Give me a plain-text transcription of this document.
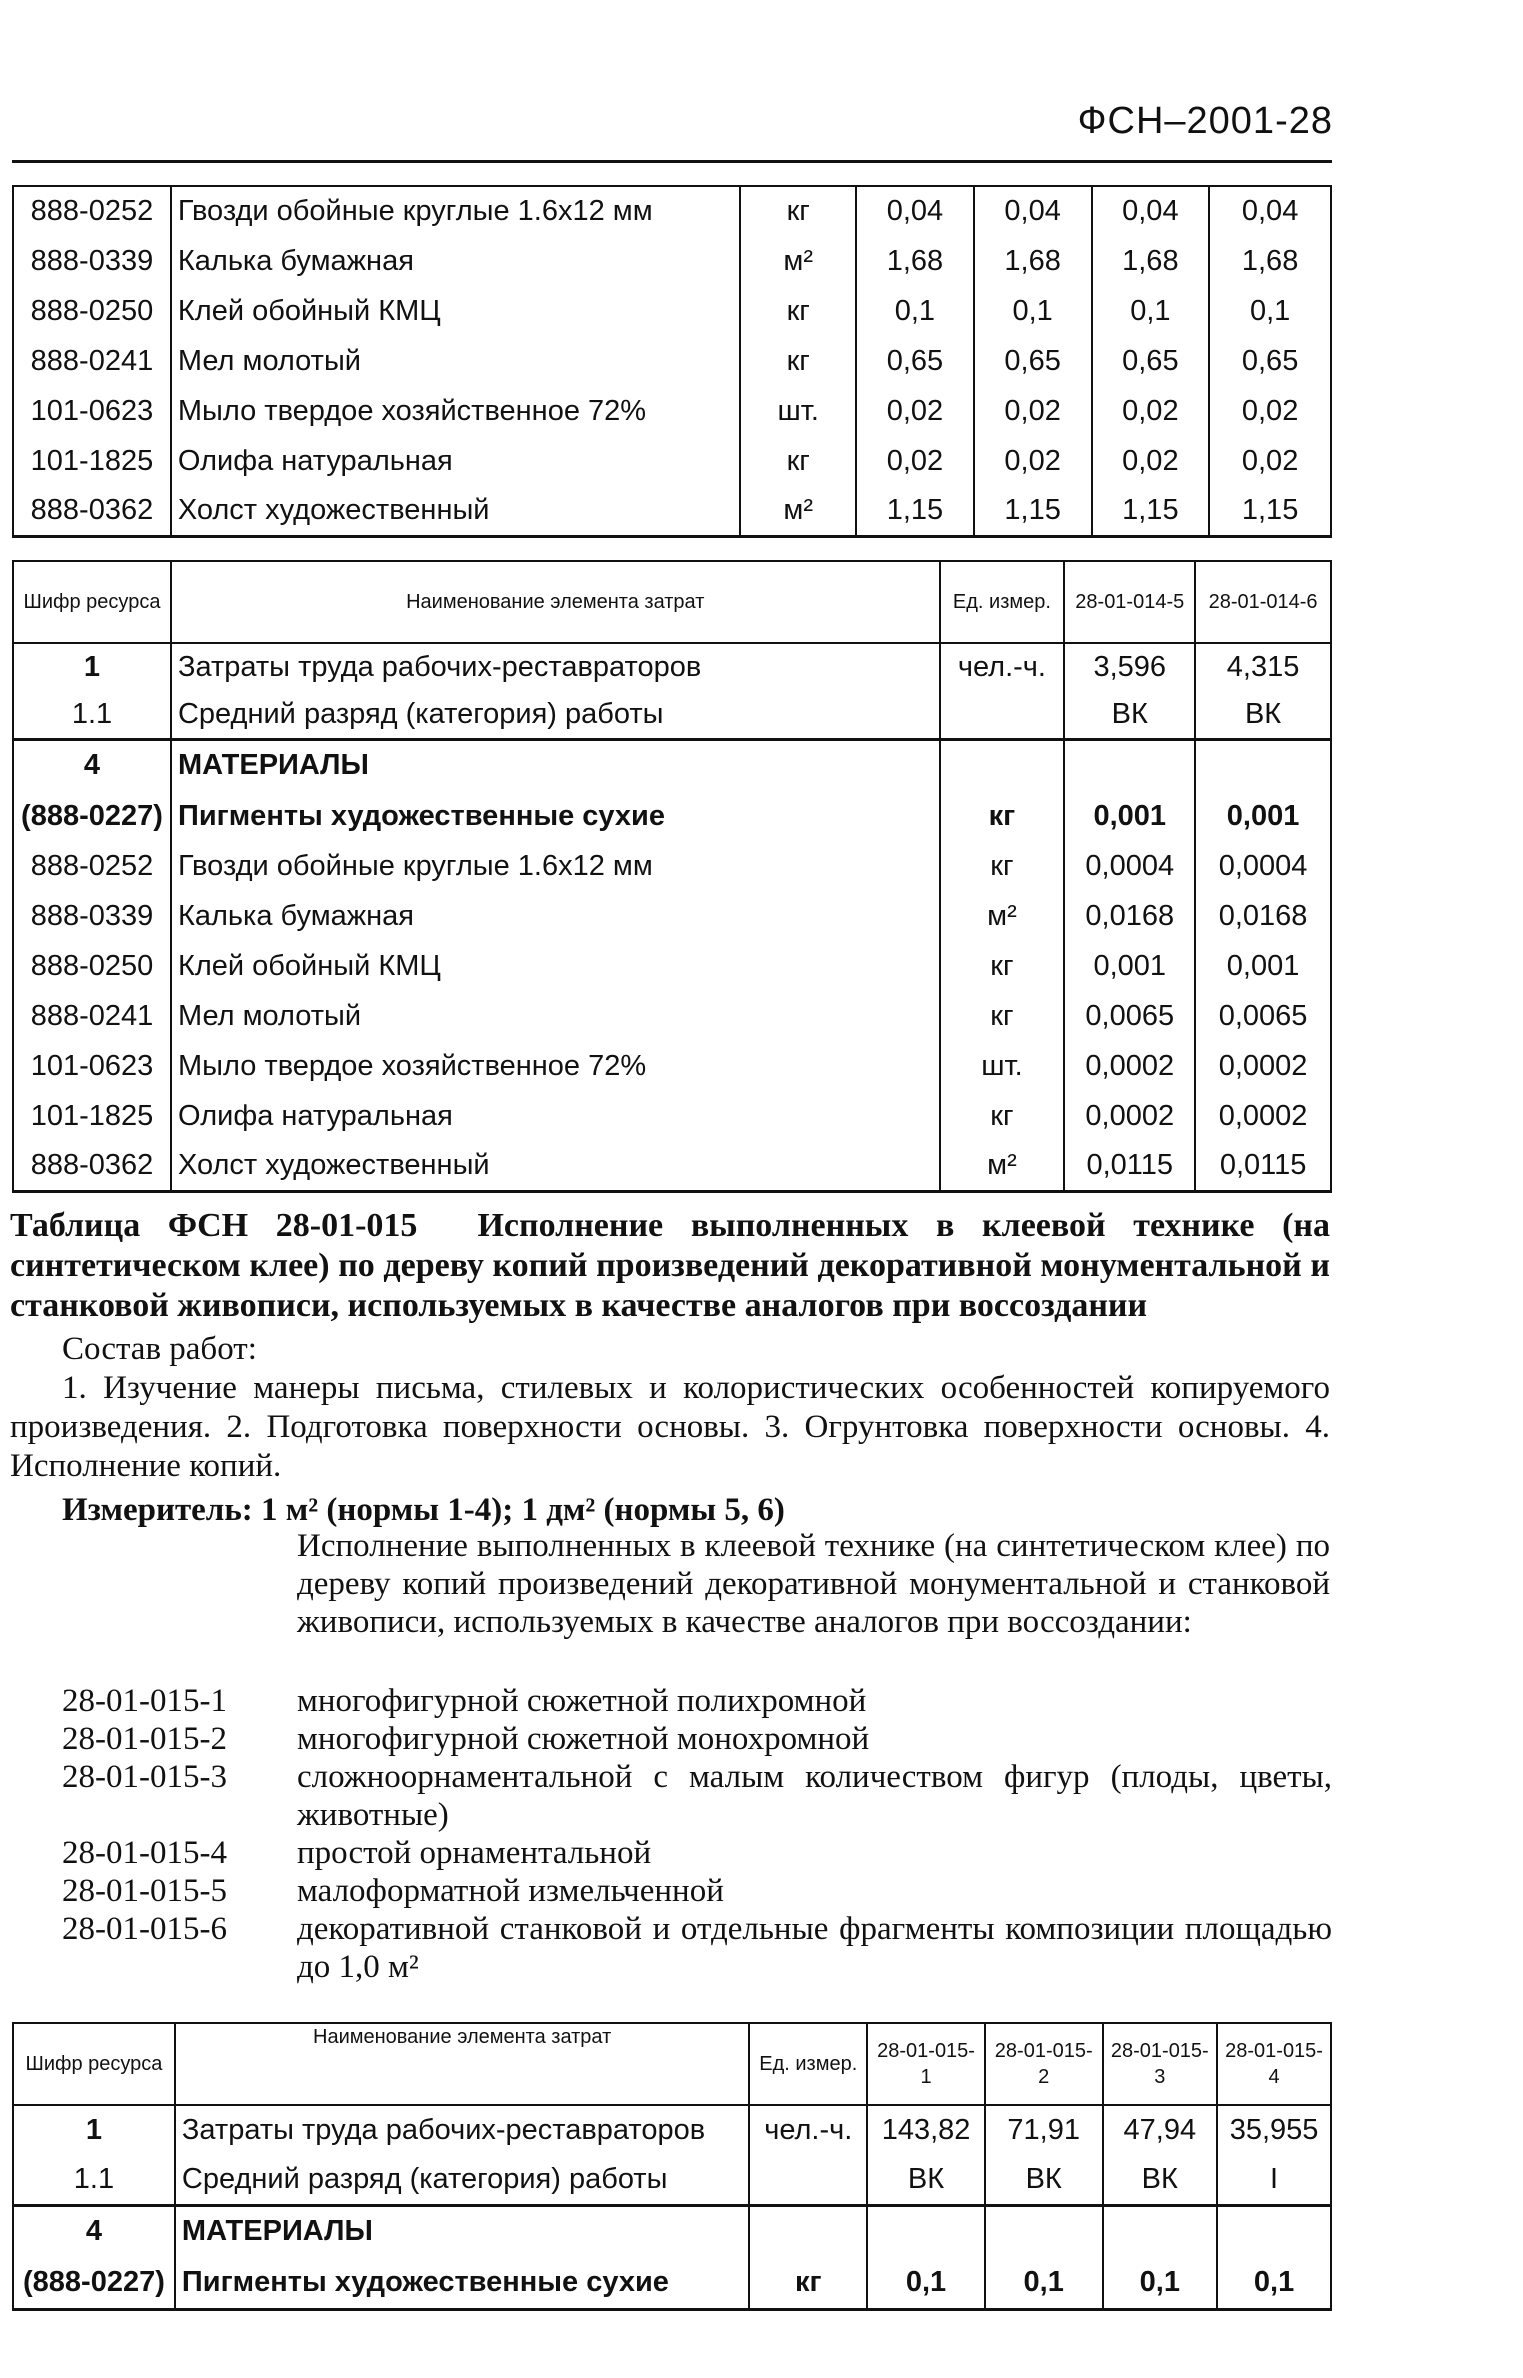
ФСН–2001-28
888-0252	Гвозди обойные круглые 1.6x12 мм	кг	0,04	0,04	0,04	0,04
888-0339	Калька бумажная	м²	1,68	1,68	1,68	1,68
888-0250	Клей обойный КМЦ	кг	0,1	0,1	0,1	0,1
888-0241	Мел молотый	кг	0,65	0,65	0,65	0,65
101-0623	Мыло твердое хозяйственное 72%	шт.	0,02	0,02	0,02	0,02
101-1825	Олифа натуральная	кг	0,02	0,02	0,02	0,02
888-0362	Холст художественный	м²	1,15	1,15	1,15	1,15
Шифр ресурса	Наименование элемента затрат	Ед. измер.	28-01-014-5	28-01-014-6
1	Затраты труда рабочих-реставраторов	чел.-ч.	3,596	4,315
1.1	Средний разряд (категория) работы		ВК	ВК
4	МАТЕРИАЛЫ			
(888-0227)	Пигменты художественные сухие	кг	0,001	0,001
888-0252	Гвозди обойные круглые 1.6x12 мм	кг	0,0004	0,0004
888-0339	Калька бумажная	м²	0,0168	0,0168
888-0250	Клей обойный КМЦ	кг	0,001	0,001
888-0241	Мел молотый	кг	0,0065	0,0065
101-0623	Мыло твердое хозяйственное 72%	шт.	0,0002	0,0002
101-1825	Олифа натуральная	кг	0,0002	0,0002
888-0362	Холст художественный	м²	0,0115	0,0115
Таблица ФСН 28-01-015 Исполнение выполненных в клеевой технике (на синтетическом клее) по дереву копий произведений декоративной монументальной и станковой живописи, используемых в качестве аналогов при воссоздании
Состав работ:
1. Изучение манеры письма, стилевых и колористических особенностей копируемого произведения. 2. Подготовка поверхности основы. 3. Огрунтовка поверхности основы. 4. Исполнение копий.
Измеритель: 1 м² (нормы 1-4); 1 дм² (нормы 5, 6)
Исполнение выполненных в клеевой технике (на синтетическом клее) по дереву копий произведений декоративной монументальной и станковой живописи, используемых в качестве аналогов при воссоздании:
28-01-015-1	многофигурной сюжетной полихромной
28-01-015-2	многофигурной сюжетной монохромной
28-01-015-3	сложноорнаментальной с малым количеством фигур (плоды, цветы, животные)
28-01-015-4	простой орнаментальной
28-01-015-5	малоформатной измельченной
28-01-015-6	декоративной станковой и отдельные фрагменты композиции площадью до 1,0 м²
Шифр ресурса	Наименование элемента затрат	Ед. измер.	28-01-015-1	28-01-015-2	28-01-015-3	28-01-015-4
1	Затраты труда рабочих-реставраторов	чел.-ч.	143,82	71,91	47,94	35,955
1.1	Средний разряд (категория) работы		ВК	ВК	ВК	I
4	МАТЕРИАЛЫ					
(888-0227)	Пигменты художественные сухие	кг	0,1	0,1	0,1	0,1
